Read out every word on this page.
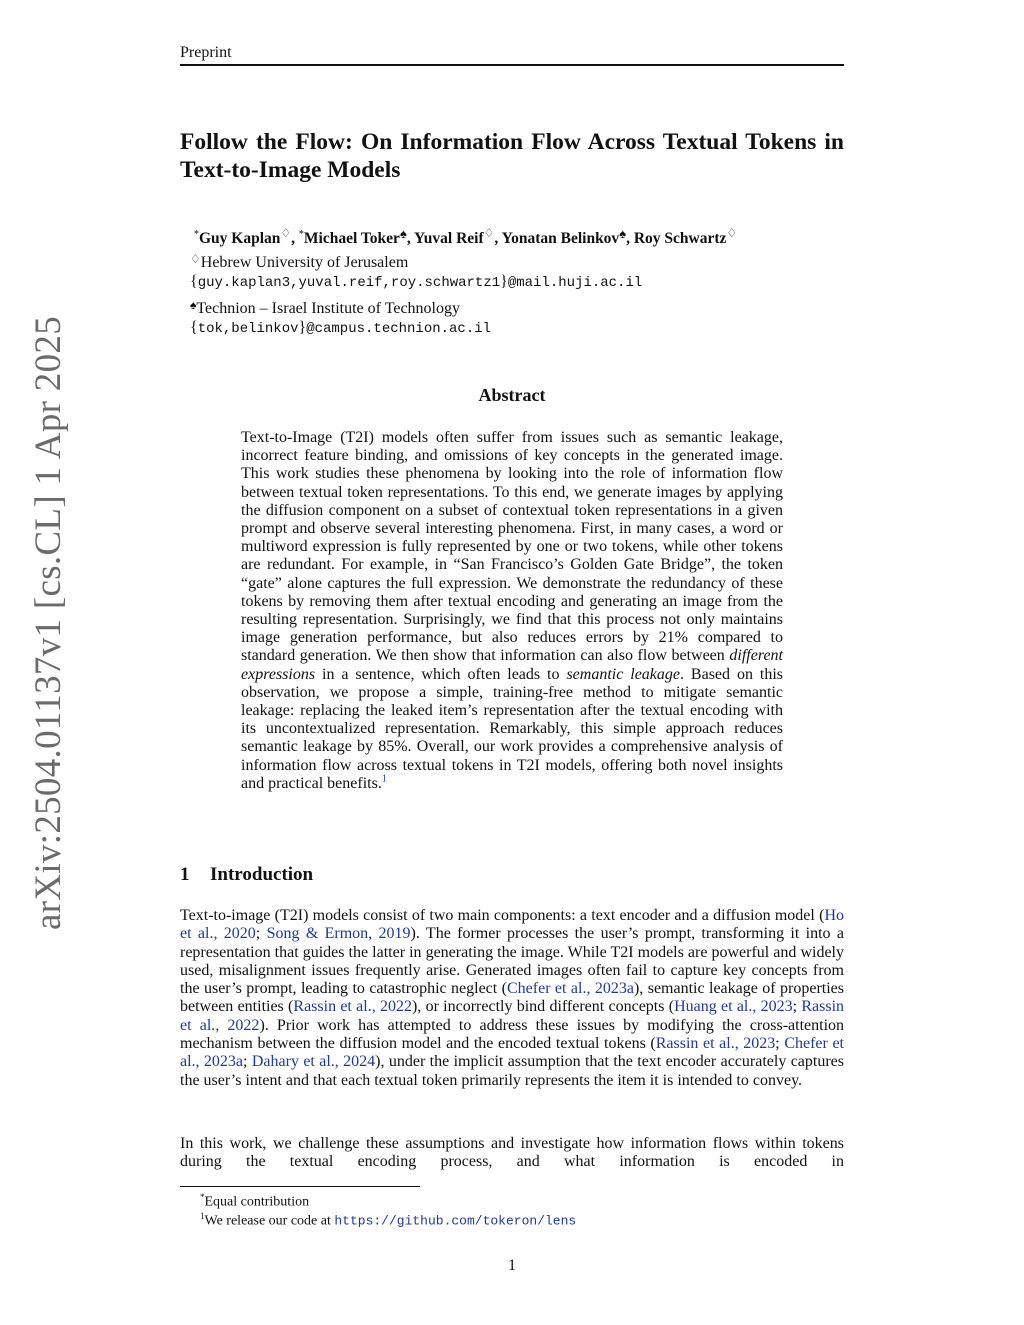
Preprint
arXiv:2504.01137v1 [cs.CL] 1 Apr 2025
Follow the Flow: On Information Flow Across Textual Tokens in Text-to-Image Models
*Guy Kaplan♢, *Michael Toker♠, Yuval Reif♢, Yonatan Belinkov♠, Roy Schwartz♢
♢Hebrew University of Jerusalem
{guy.kaplan3,yuval.reif,roy.schwartz1}@mail.huji.ac.il
♠Technion – Israel Institute of Technology
{tok,belinkov}@campus.technion.ac.il
Abstract
Text-to-Image (T2I) models often suffer from issues such as semantic leakage, incorrect feature binding, and omissions of key concepts in the generated image. This work studies these phenomena by looking into the role of information flow between textual token representations. To this end, we generate images by applying the diffusion component on a subset of contextual token representations in a given prompt and observe several interesting phenomena. First, in many cases, a word or multiword expression is fully represented by one or two tokens, while other tokens are redundant. For example, in “San Francisco’s Golden Gate Bridge”, the token “gate” alone captures the full expression. We demonstrate the redundancy of these tokens by removing them after textual encoding and generating an image from the resulting representation. Surprisingly, we find that this process not only maintains image generation performance, but also reduces errors by 21% compared to standard generation. We then show that information can also flow between different expressions in a sentence, which often leads to semantic leakage. Based on this observation, we propose a simple, training-free method to mitigate semantic leakage: replacing the leaked item’s representation after the textual encoding with its uncontextualized representation. Remarkably, this simple approach reduces semantic leakage by 85%. Overall, our work provides a comprehensive analysis of information flow across textual tokens in T2I models, offering both novel insights and practical benefits.$^1$
1 Introduction
Text-to-image (T2I) models consist of two main components: a text encoder and a diffusion model (Ho et al., 2020; Song & Ermon, 2019). The former processes the user’s prompt, transforming it into a representation that guides the latter in generating the image. While T2I models are powerful and widely used, misalignment issues frequently arise. Generated images often fail to capture key concepts from the user’s prompt, leading to catastrophic neglect (Chefer et al., 2023a), semantic leakage of properties between entities (Rassin et al., 2022), or incorrectly bind different concepts (Huang et al., 2023; Rassin et al., 2022). Prior work has attempted to address these issues by modifying the cross-attention mechanism between the diffusion model and the encoded textual tokens (Rassin et al., 2023; Chefer et al., 2023a; Dahary et al., 2024), under the implicit assumption that the text encoder accurately captures the user’s intent and that each textual token primarily represents the item it is intended to convey.
In this work, we challenge these assumptions and investigate how information flows within tokens during the textual encoding process, and what information is encoded in
*Equal contribution
$^1$We release our code at https://github.com/tokeron/lens
1
